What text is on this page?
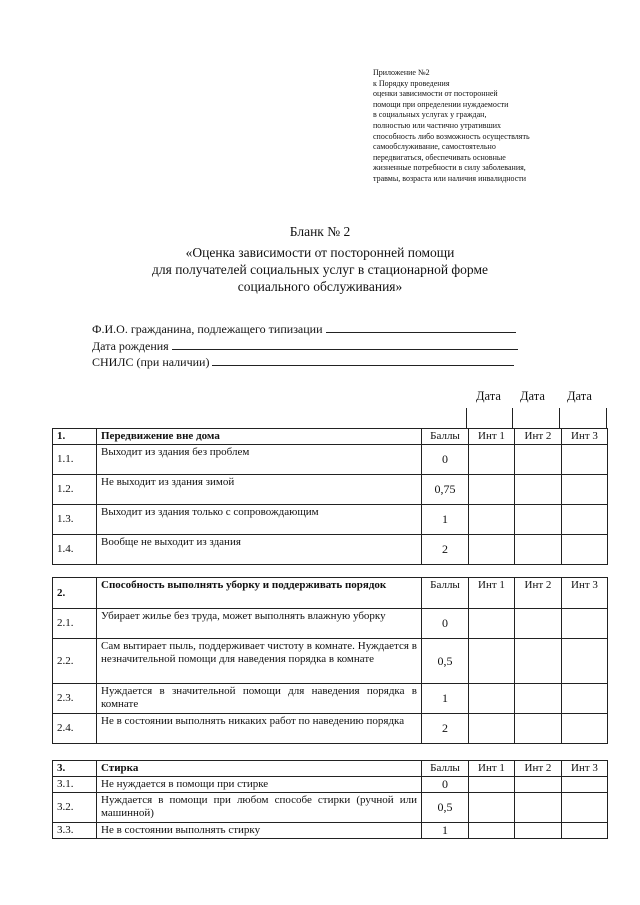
Приложение №2
к Порядку проведения
оценки зависимости от посторонней
помощи при определении нуждаемости
в социальных услугах у граждан,
полностью или частично утративших
способность либо возможность осуществлять
самообслуживание, самостоятельно
передвигаться, обеспечивать основные
жизненные потребности в силу заболевания,
травмы, возраста или наличия инвалидности
Бланк № 2
«Оценка зависимости от посторонней помощи
для получателей социальных услуг в стационарной форме
социального обслуживания»
Ф.И.О. гражданина, подлежащего типизации
Дата рождения
СНИЛС (при наличии)
Дата Дата Дата
1.	Передвижение вне дома	Баллы	Инт 1	Инт 2	Инт 3
1.1.	Выходит из здания без проблем	0			
1.2.	Не выходит из здания зимой	0,75			
1.3.	Выходит из здания только с сопровождающим	1			
1.4.	Вообще не выходит из здания	2			
2.	Способность выполнять уборку и поддерживать порядок	Баллы	Инт 1	Инт 2	Инт 3
2.1.	Убирает жилье без труда, может выполнять влажную уборку	0			
2.2.	Сам вытирает пыль, поддерживает чистоту в комнате. Нуждается в незначительной помощи для наведения порядка в комнате	0,5			
2.3.	Нуждается в значительной помощи для наведения порядка в комнате	1			
2.4.	Не в состоянии выполнять никаких работ по наведению порядка	2			
3.	Стирка	Баллы	Инт 1	Инт 2	Инт 3
3.1.	Не нуждается в помощи при стирке	0			
3.2.	Нуждается в помощи при любом способе стирки (ручной или машинной)	0,5			
3.3.	Не в состоянии выполнять стирку	1			
